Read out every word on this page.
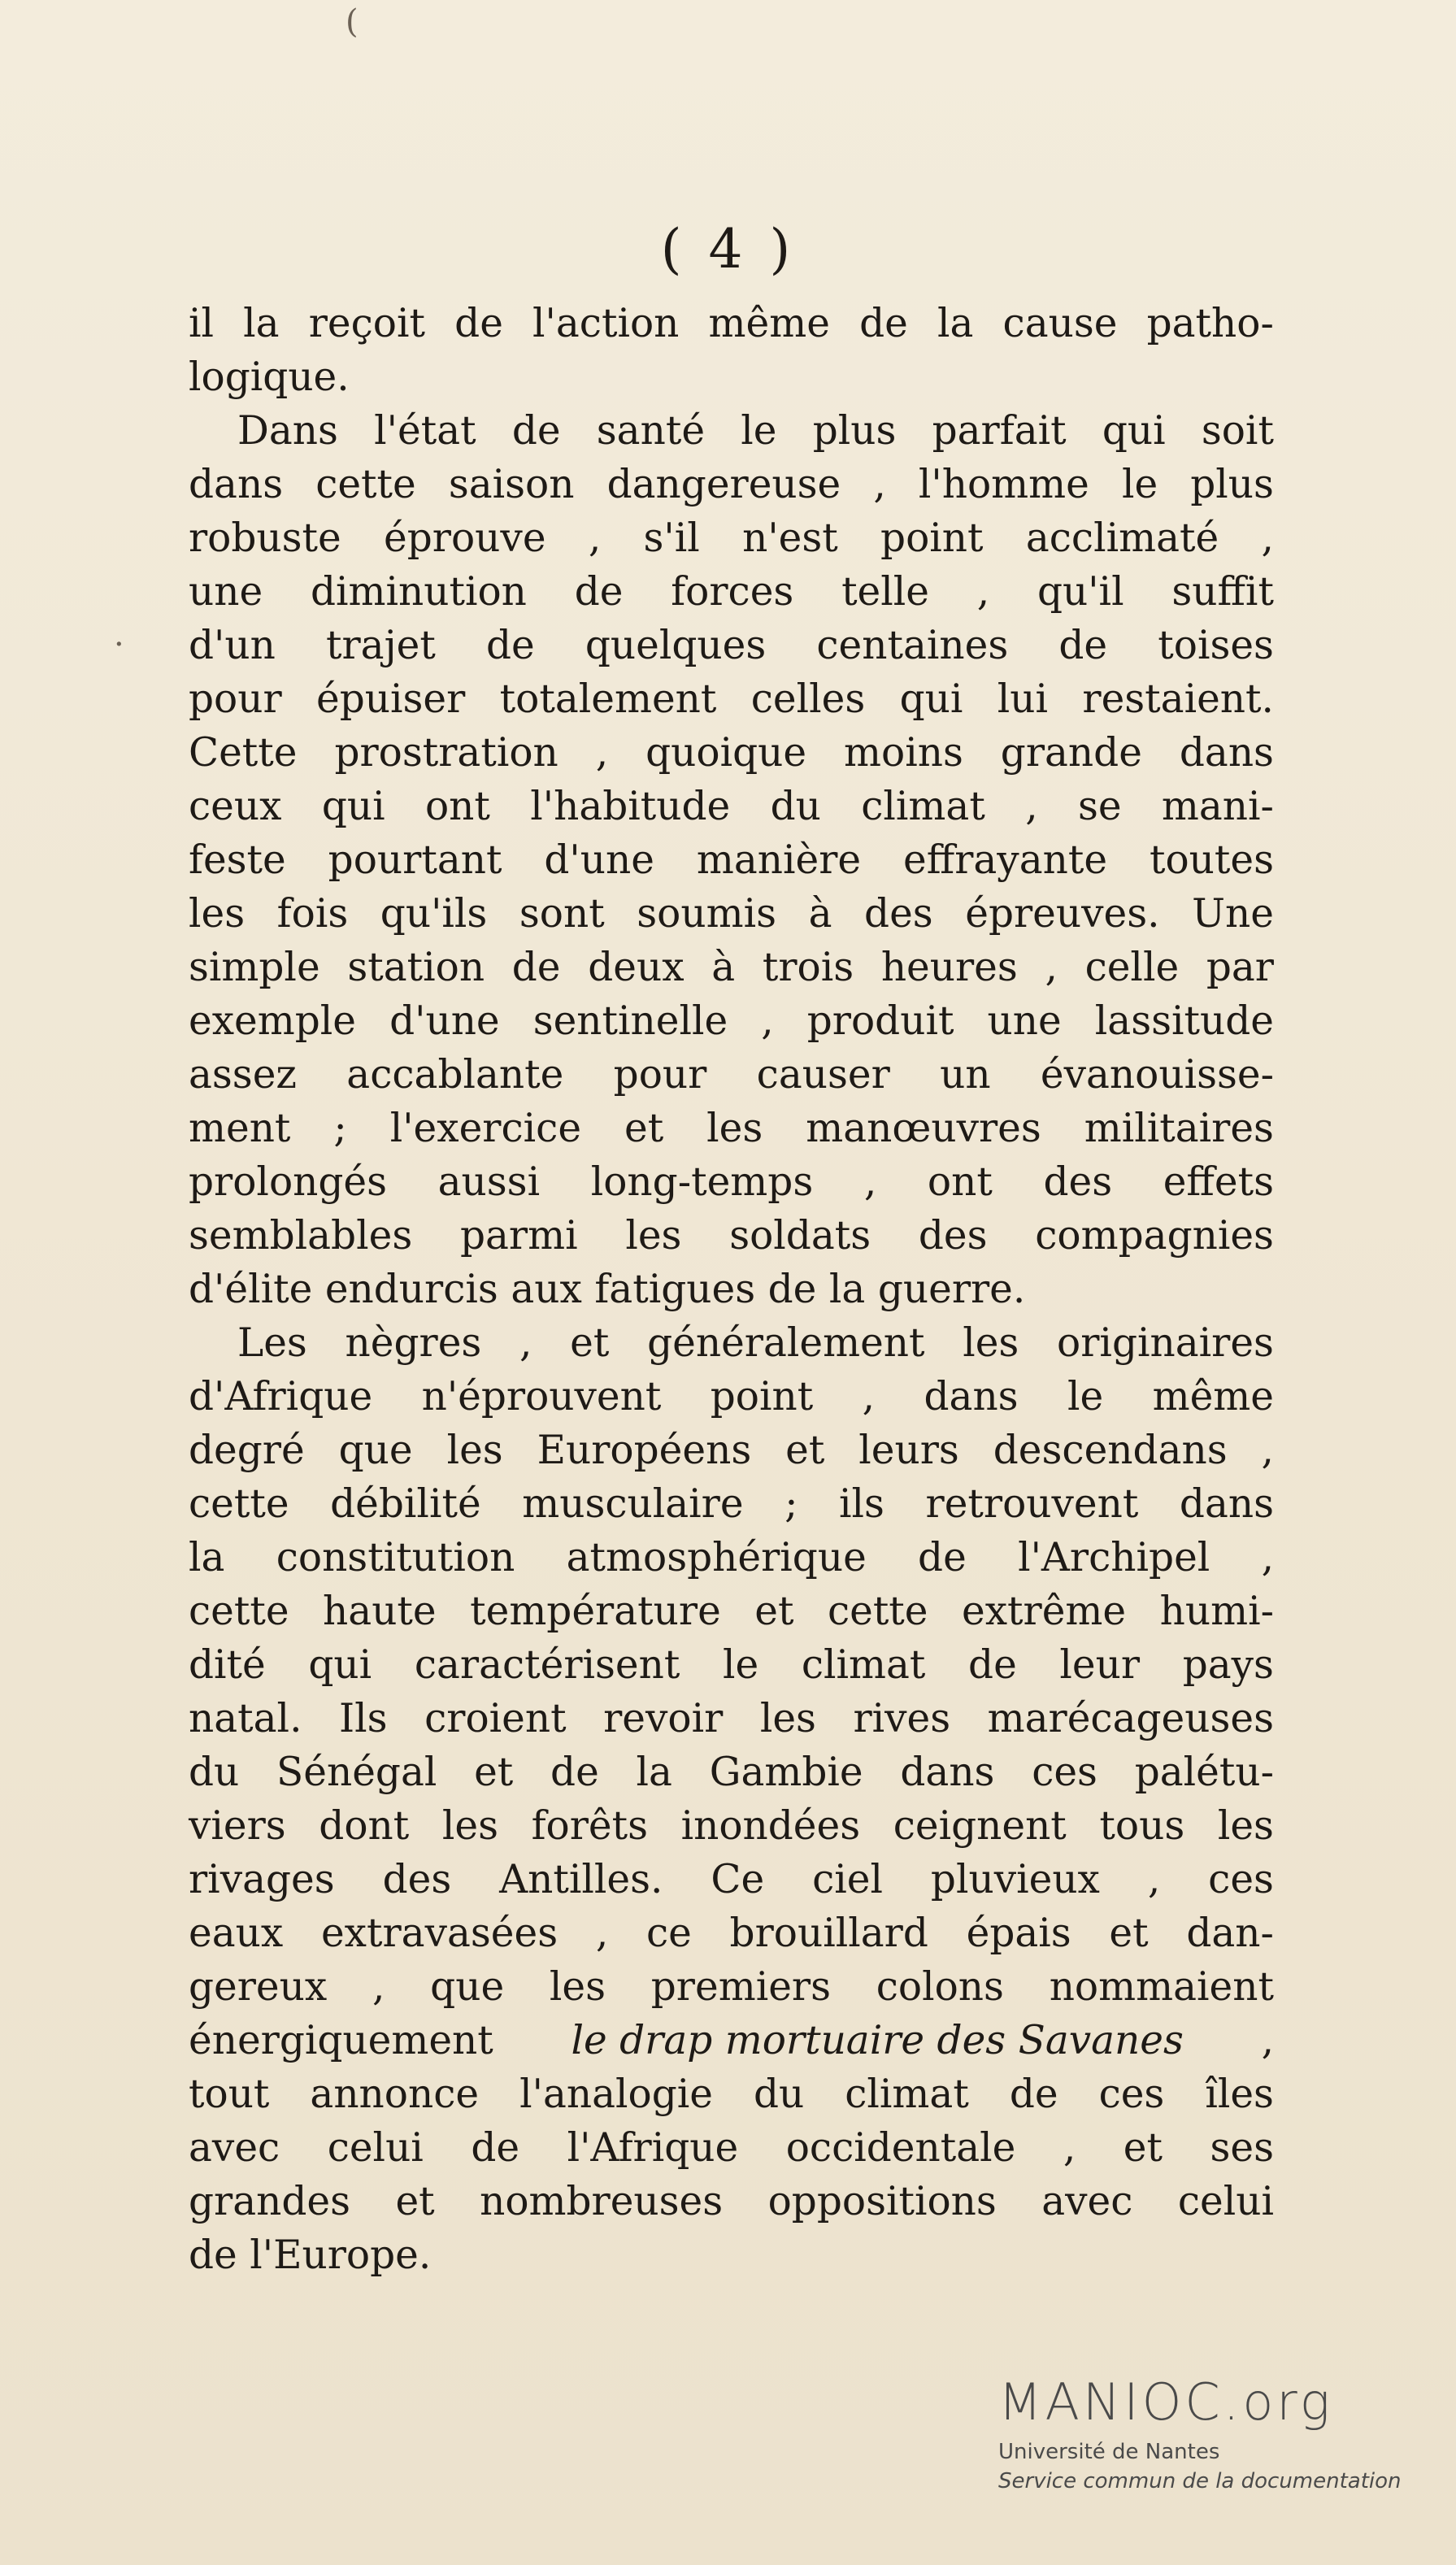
(
·
( 4 )
il la reçoit de l'action même de la cause patho-
logique.
Dans l'état de santé le plus parfait qui soit
dans cette saison dangereuse , l'homme le plus
robuste éprouve , s'il n'est point acclimaté ,
une diminution de forces telle , qu'il suffit
d'un trajet de quelques centaines de toises
pour épuiser totalement celles qui lui restaient.
Cette prostration , quoique moins grande dans
ceux qui ont l'habitude du climat , se mani-
feste pourtant d'une manière effrayante toutes
les fois qu'ils sont soumis à des épreuves. Une
simple station de deux à trois heures , celle par
exemple d'une sentinelle , produit une lassitude
assez accablante pour causer un évanouisse-
ment ; l'exercice et les manœuvres militaires
prolongés aussi long-temps , ont des effets
semblables parmi les soldats des compagnies
d'élite endurcis aux fatigues de la guerre.
Les nègres , et généralement les originaires
d'Afrique n'éprouvent point , dans le même
degré que les Européens et leurs descendans ,
cette débilité musculaire ; ils retrouvent dans
la constitution atmosphérique de l'Archipel ,
cette haute température et cette extrême humi-
dité qui caractérisent le climat de leur pays
natal. Ils croient revoir les rives marécageuses
du Sénégal et de la Gambie dans ces palétu-
viers dont les forêts inondées ceignent tous les
rivages des Antilles. Ce ciel pluvieux , ces
eaux extravasées , ce brouillard épais et dan-
gereux , que les premiers colons nommaient
énergiquement le drap mortuaire des Savanes ,
tout annonce l'analogie du climat de ces îles
avec celui de l'Afrique occidentale , et ses
grandes et nombreuses oppositions avec celui
de l'Europe.
MANIOC.org
Université de Nantes
Service commun de la documentation
